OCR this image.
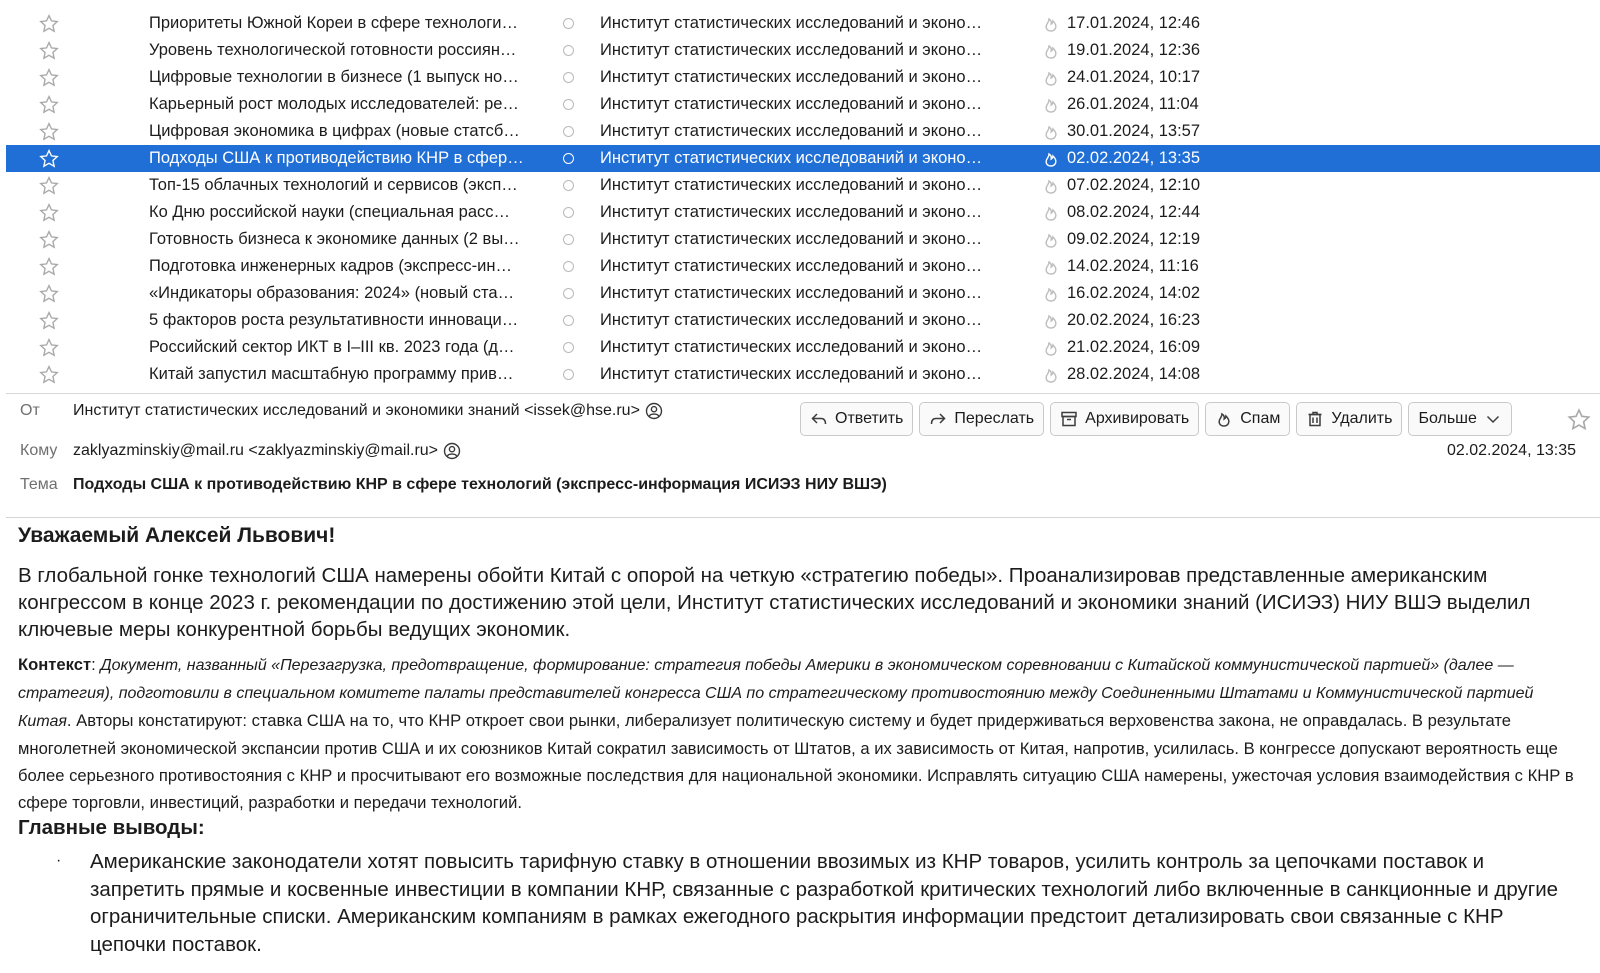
Приоритеты Южной Кореи в сфере технологи…	Институт статистических исследований и эконо…	17.01.2024, 12:46
Уровень технологической готовности россиян…	Институт статистических исследований и эконо…	19.01.2024, 12:36
Цифровые технологии в бизнесе (1 выпуск но…	Институт статистических исследований и эконо…	24.01.2024, 10:17
Карьерный рост молодых исследователей: ре…	Институт статистических исследований и эконо…	26.01.2024, 11:04
Цифровая экономика в цифрах (новые статсб…	Институт статистических исследований и эконо…	30.01.2024, 13:57
Подходы США к противодействию КНР в сфер…	Институт статистических исследований и эконо…	02.02.2024, 13:35
Топ-15 облачных технологий и сервисов (эксп…	Институт статистических исследований и эконо…	07.02.2024, 12:10
Ко Дню российской науки (специальная расс…	Институт статистических исследований и эконо…	08.02.2024, 12:44
Готовность бизнеса к экономике данных (2 вы…	Институт статистических исследований и эконо…	09.02.2024, 12:19
Подготовка инженерных кадров (экспресс-ин…	Институт статистических исследований и эконо…	14.02.2024, 11:16
«Индикаторы образования: 2024» (новый ста…	Институт статистических исследований и эконо…	16.02.2024, 14:02
5 факторов роста результативности инноваци…	Институт статистических исследований и эконо…	20.02.2024, 16:23
Российский сектор ИКТ в I–III кв. 2023 года (д…	Институт статистических исследований и эконо…	21.02.2024, 16:09
Китай запустил масштабную программу прив…	Институт статистических исследований и эконо…	28.02.2024, 14:08
От Институт статистических исследований и экономики знаний <issek@hse.ru>	Ответить	Переслать	Архивировать	Спам	Удалить Больше
Кому zaklyazminskiy@mail.ru <zaklyazminskiy@mail.ru>	02.02.2024, 13:35
Тема Подходы США к противодействию КНР в сфере технологий (экспресс-информация ИСИЭЗ НИУ ВШЭ)
Уважаемый Алексей Львович!
В глобальной гонке технологий США намерены обойти Китай с опорой на четкую «стратегию победы». Проанализировав представленные американским конгрессом в конце 2023 г. рекомендации по достижению этой цели, Институт статистических исследований и экономики знаний (ИСИЭЗ) НИУ ВШЭ выделил ключевые меры конкурентной борьбы ведущих экономик.
Контекст: Документ, названный «Перезагрузка, предотвращение, формирование: стратегия победы Америки в экономическом соревновании с Китайской коммунистической партией» (далее — стратегия), подготовили в специальном комитете палаты представителей конгресса США по стратегическому противостоянию между Соединенными Штатами и Коммунистической партией Китая. Авторы констатируют: ставка США на то, что КНР откроет свои рынки, либерализует политическую систему и будет придерживаться верховенства закона, не оправдалась. В результате многолетней экономической экспансии против США и их союзников Китай сократил зависимость от Штатов, а их зависимость от Китая, напротив, усилилась. В конгрессе допускают вероятность еще более серьезного противостояния с КНР и просчитывают его возможные последствия для национальной экономики. Исправлять ситуацию США намерены, ужесточая условия взаимодействия с КНР в сфере торговли, инвестиций, разработки и передачи технологий.
Главные выводы:
·	Американские законодатели хотят повысить тарифную ставку в отношении ввозимых из КНР товаров, усилить контроль за цепочками поставок и запретить прямые и косвенные инвестиции в компании КНР, связанные с разработкой критических технологий либо включенные в санкционные и другие ограничительные списки. Американским компаниям в рамках ежегодного раскрытия информации предстоит детализировать свои связанные с КНР цепочки поставок.
